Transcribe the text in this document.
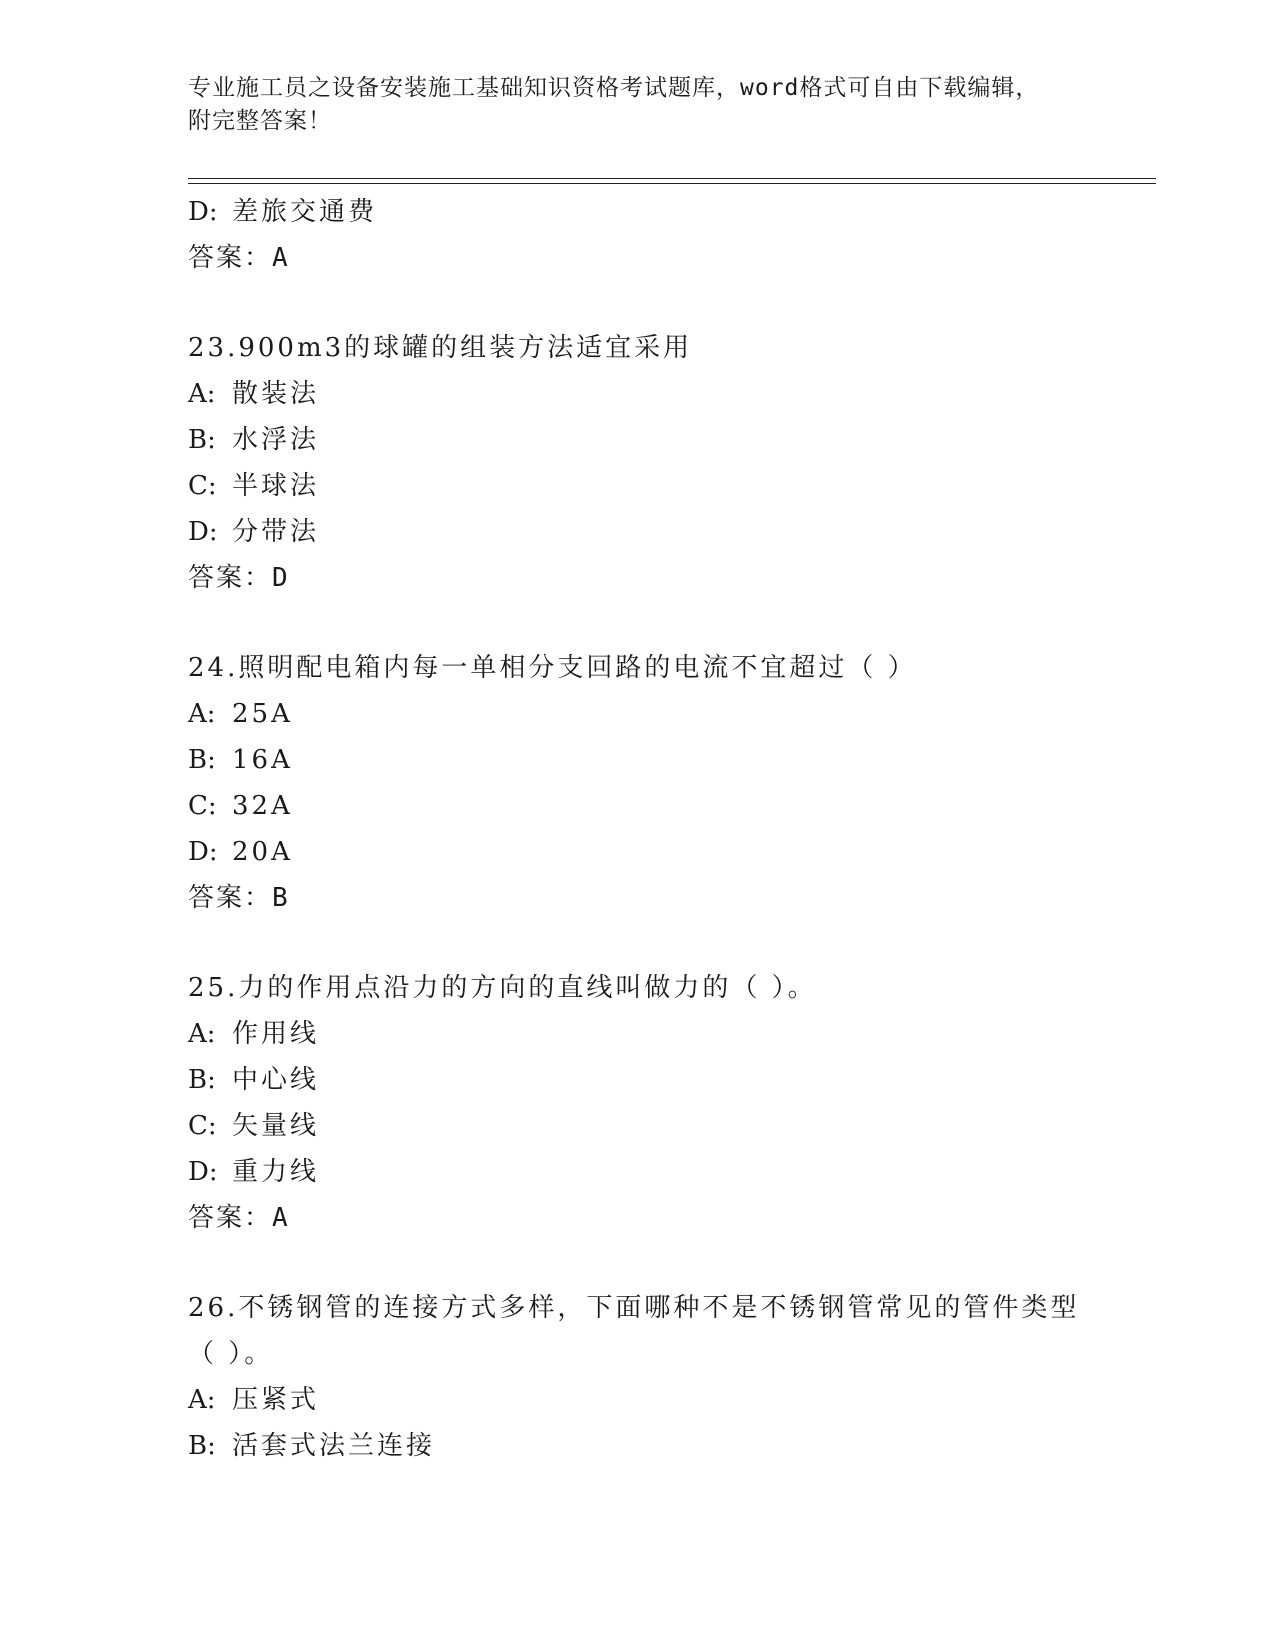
专业施工员之设备安装施工基础知识资格考试题库，word格式可自由下载编辑，
附完整答案！
D: 差旅交通费
答案：A
23.900m3的球罐的组装方法适宜采用
A: 散装法
B: 水浮法
C: 半球法
D: 分带法
答案：D
24.照明配电箱内每一单相分支回路的电流不宜超过（ ）
A: 25A
B: 16A
C: 32A
D: 20A
答案：B
25.力的作用点沿力的方向的直线叫做力的（ ）。
A: 作用线
B: 中心线
C: 矢量线
D: 重力线
答案：A
26.不锈钢管的连接方式多样，下面哪种不是不锈钢管常见的管件类型（ ）。
A: 压紧式
B: 活套式法兰连接
